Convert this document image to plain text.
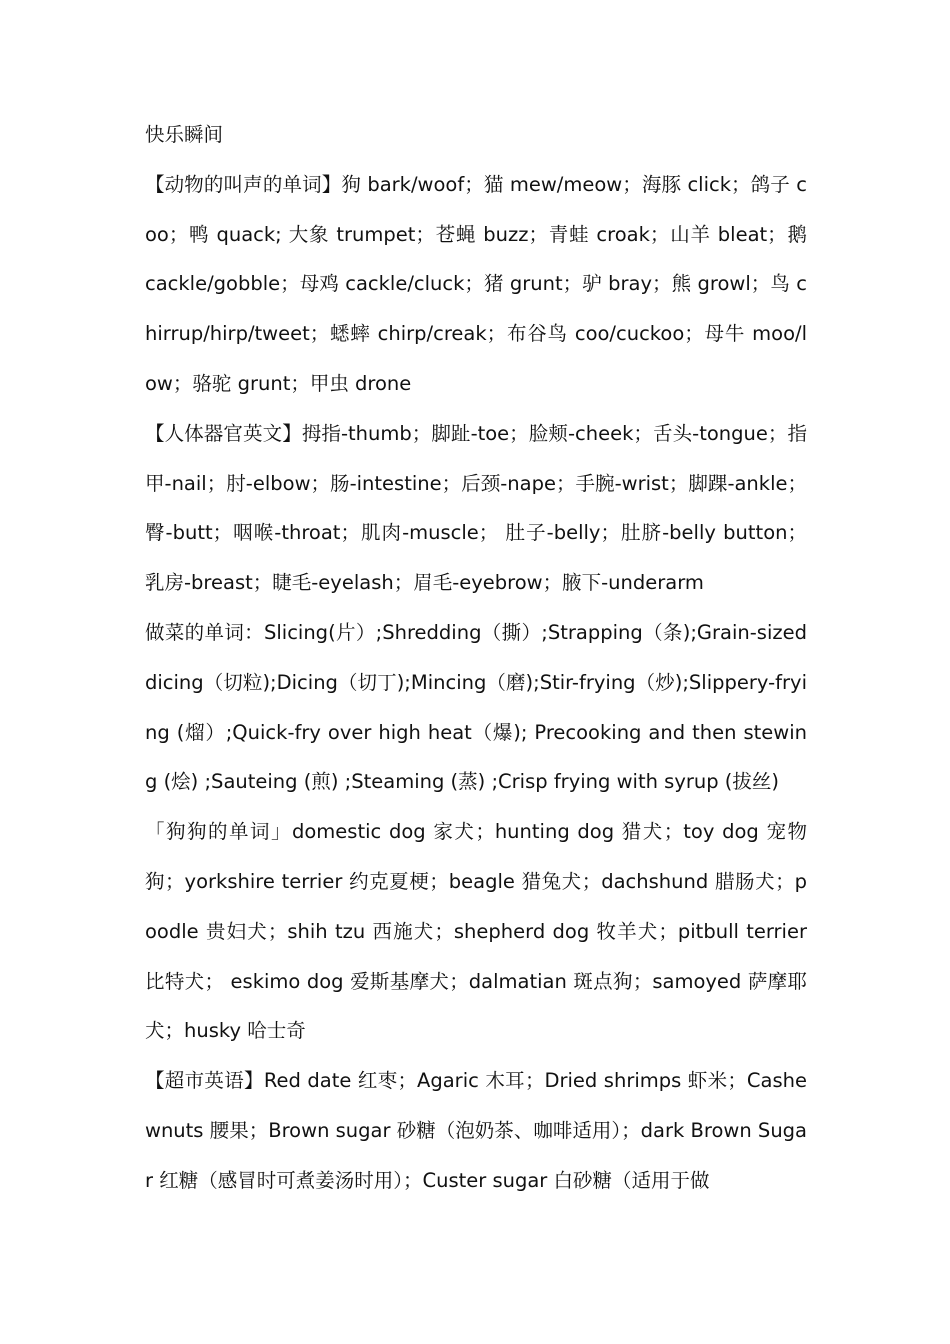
快乐瞬间

【动物的叫声的单词】狗 bark/woof；猫 mew/meow；海豚 click；鸽子 coo；鸭 quack; 大象 trumpet；苍蝇 buzz；青蛙 croak；山羊 bleat；鹅 cackle/gobble；母鸡 cackle/cluck；猪 grunt；驴 bray；熊 growl；鸟 chirrup/hirp/tweet；蟋蟀 chirp/creak；布谷鸟 coo/cuckoo；母牛 moo/low；骆驼 grunt；甲虫 drone

【人体器官英文】拇指-thumb；脚趾-toe；脸颊-cheek；舌头-tongue；指甲-nail；肘-elbow；肠-intestine；后颈-nape；手腕-wrist；脚踝-ankle；臀-butt；咽喉-throat；肌肉-muscle； 肚子-belly；肚脐-belly button；乳房-breast；睫毛-eyelash；眉毛-eyebrow；腋下-underarm

做菜的单词：Slicing(片）;Shredding（撕）;Strapping（条);Grain-sized dicing（切粒);Dicing（切丁);Mincing（磨);Stir-frying（炒);Slippery-frying (熘）;Quick-fry over high heat（爆); Precooking and then stewing (烩) ;Sauteing (煎) ;Steaming (蒸) ;Crisp frying with syrup (拔丝)

「狗狗的单词」domestic dog 家犬；hunting dog 猎犬；toy dog 宠物狗；yorkshire terrier 约克夏梗；beagle 猎兔犬；dachshund 腊肠犬；poodle 贵妇犬；shih tzu 西施犬；shepherd dog 牧羊犬；pitbull terrier 比特犬； eskimo dog 爱斯基摩犬；dalmatian 斑点狗；samoyed 萨摩耶犬；husky 哈士奇

【超市英语】Red date 红枣；Agaric 木耳；Dried shrimps 虾米；Cashewnuts 腰果；Brown sugar 砂糖（泡奶茶、咖啡适用）；dark Brown Sugar 红糖（感冒时可煮姜汤时用）；Custer sugar 白砂糖（适用于做
